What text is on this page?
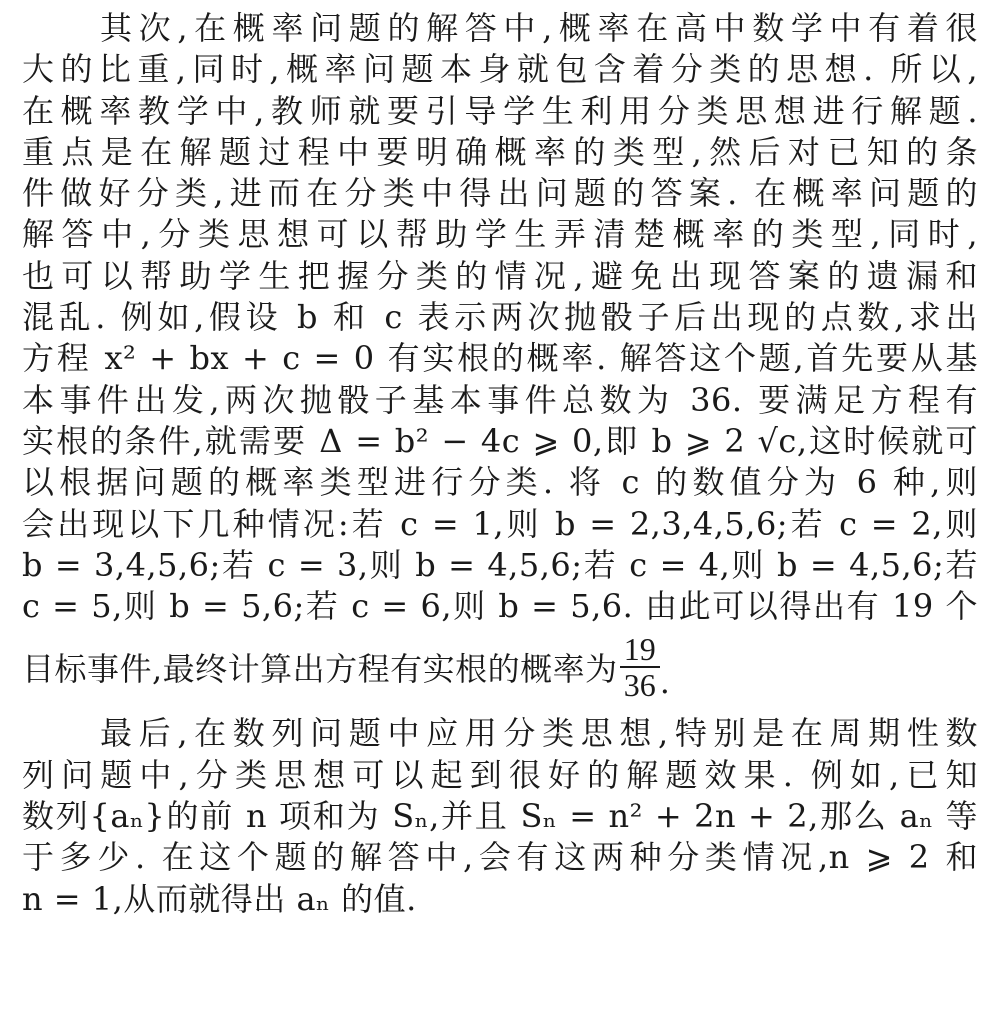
其次,在概率问题的解答中,概率在高中数学中有着很
大的比重,同时,概率问题本身就包含着分类的思想. 所以,
在概率教学中,教师就要引导学生利用分类思想进行解题.
重点是在解题过程中要明确概率的类型,然后对已知的条
件做好分类,进而在分类中得出问题的答案. 在概率问题的
解答中,分类思想可以帮助学生弄清楚概率的类型,同时,
也可以帮助学生把握分类的情况,避免出现答案的遗漏和
混乱. 例如,假设 b 和 c 表示两次抛骰子后出现的点数,求出
方程 x² + bx + c = 0 有实根的概率. 解答这个题,首先要从基
本事件出发,两次抛骰子基本事件总数为 36. 要满足方程有
实根的条件,就需要 Δ = b² − 4c ⩾ 0,即 b ⩾ 2 √c,这时候就可
以根据问题的概率类型进行分类. 将 c 的数值分为 6 种,则
会出现以下几种情况:若 c = 1,则 b = 2,3,4,5,6;若 c = 2,则
b = 3,4,5,6;若 c = 3,则 b = 4,5,6;若 c = 4,则 b = 4,5,6;若
c = 5,则 b = 5,6;若 c = 6,则 b = 5,6. 由此可以得出有 19 个
目标事件,最终计算出方程有实根的概率为 $\frac{19}{36}$ .
最后,在数列问题中应用分类思想,特别是在周期性数
列问题中,分类思想可以起到很好的解题效果. 例如,已知
数列{aₙ}的前 n 项和为 Sₙ,并且 Sₙ = n² + 2n + 2,那么 aₙ 等
于多少. 在这个题的解答中,会有这两种分类情况,n ⩾ 2 和
n = 1,从而就得出 aₙ 的值.
